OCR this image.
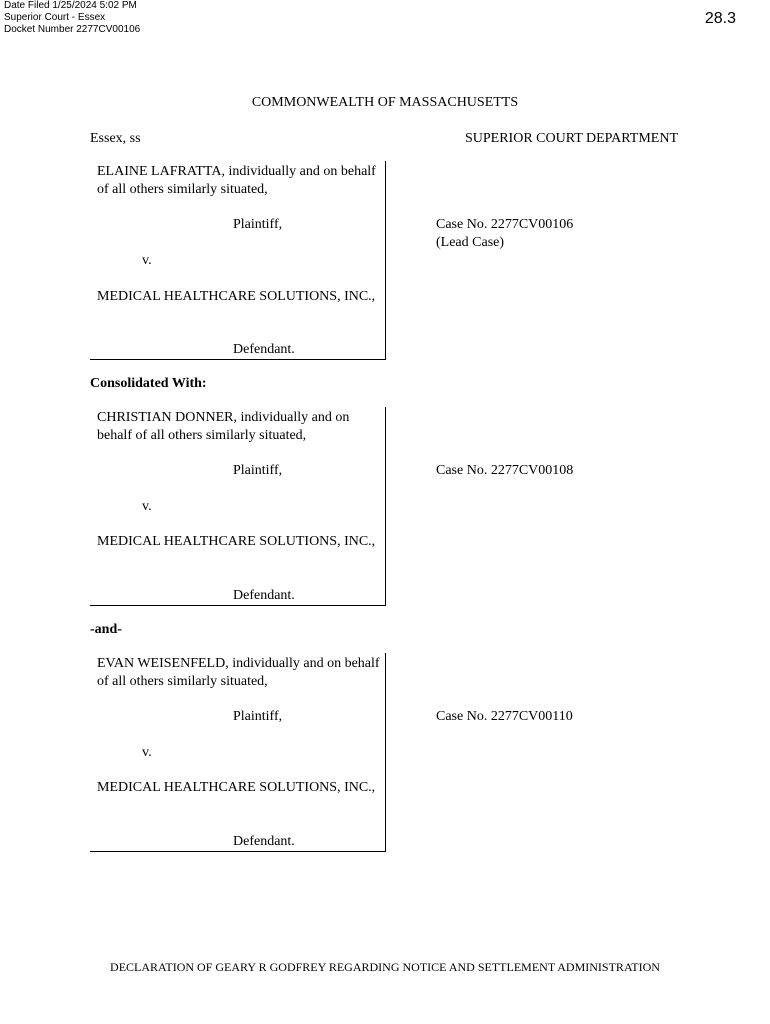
Date Filed 1/25/2024 5:02 PM
Superior Court - Essex
Docket Number 2277CV00106
28.3
COMMONWEALTH OF MASSACHUSETTS
Essex, ss	SUPERIOR COURT DEPARTMENT
ELAINE LAFRATTA, individually and on behalf of all others similarly situated,
Plaintiff,
v.
MEDICAL HEALTHCARE SOLUTIONS, INC.,
Defendant.
Case No. 2277CV00106
(Lead Case)
Consolidated With:
CHRISTIAN DONNER, individually and on behalf of all others similarly situated,
Plaintiff,
v.
MEDICAL HEALTHCARE SOLUTIONS, INC.,
Defendant.
Case No. 2277CV00108
-and-
EVAN WEISENFELD, individually and on behalf of all others similarly situated,
Plaintiff,
v.
MEDICAL HEALTHCARE SOLUTIONS, INC.,
Defendant.
Case No. 2277CV00110
DECLARATION OF GEARY R GODFREY REGARDING NOTICE AND SETTLEMENT ADMINISTRATION
